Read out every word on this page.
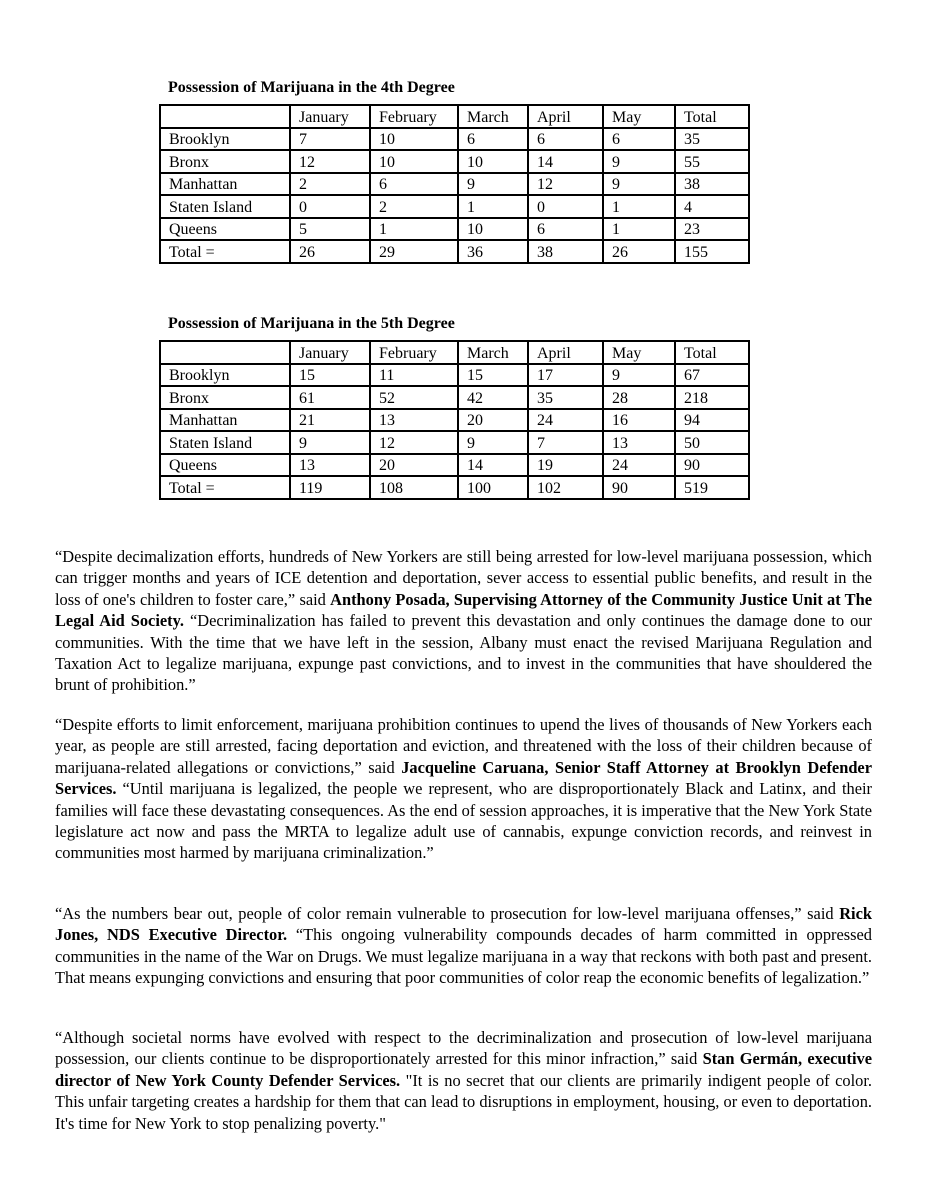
Possession of Marijuana in the 4th Degree
	January	February	March	April	May	Total
Brooklyn	7	10	6	6	6	35
Bronx	12	10	10	14	9	55
Manhattan	2	6	9	12	9	38
Staten Island	0	2	1	0	1	4
Queens	5	1	10	6	1	23
Total =	26	29	36	38	26	155
Possession of Marijuana in the 5th Degree
	January	February	March	April	May	Total
Brooklyn	15	11	15	17	9	67
Bronx	61	52	42	35	28	218
Manhattan	21	13	20	24	16	94
Staten Island	9	12	9	7	13	50
Queens	13	20	14	19	24	90
Total =	119	108	100	102	90	519

“Despite decimalization efforts, hundreds of New Yorkers are still being arrested for low-level marijuana possession, which can trigger months and years of ICE detention and deportation, sever access to essential public benefits, and result in the loss of one's children to foster care,” said Anthony Posada, Supervising Attorney of the Community Justice Unit at The Legal Aid Society. “Decriminalization has failed to prevent this devastation and only continues the damage done to our communities. With the time that we have left in the session, Albany must enact the revised Marijuana Regulation and Taxation Act to legalize marijuana, expunge past convictions, and to invest in the communities that have shouldered the brunt of prohibition.”

“Despite efforts to limit enforcement, marijuana prohibition continues to upend the lives of thousands of New Yorkers each year, as people are still arrested, facing deportation and eviction, and threatened with the loss of their children because of marijuana-related allegations or convictions,” said Jacqueline Caruana, Senior Staff Attorney at Brooklyn Defender Services. “Until marijuana is legalized, the people we represent, who are disproportionately Black and Latinx, and their families will face these devastating consequences. As the end of session approaches, it is imperative that the New York State legislature act now and pass the MRTA to legalize adult use of cannabis, expunge conviction records, and reinvest in communities most harmed by marijuana criminalization.”

“As the numbers bear out, people of color remain vulnerable to prosecution for low-level marijuana offenses,” said Rick Jones, NDS Executive Director. “This ongoing vulnerability compounds decades of harm committed in oppressed communities in the name of the War on Drugs. We must legalize marijuana in a way that reckons with both past and present. That means expunging convictions and ensuring that poor communities of color reap the economic benefits of legalization.”

“Although societal norms have evolved with respect to the decriminalization and prosecution of low-level marijuana possession, our clients continue to be disproportionately arrested for this minor infraction,” said Stan Germán, executive director of New York County Defender Services. "It is no secret that our clients are primarily indigent people of color. This unfair targeting creates a hardship for them that can lead to disruptions in employment, housing, or even to deportation. It's time for New York to stop penalizing poverty."
